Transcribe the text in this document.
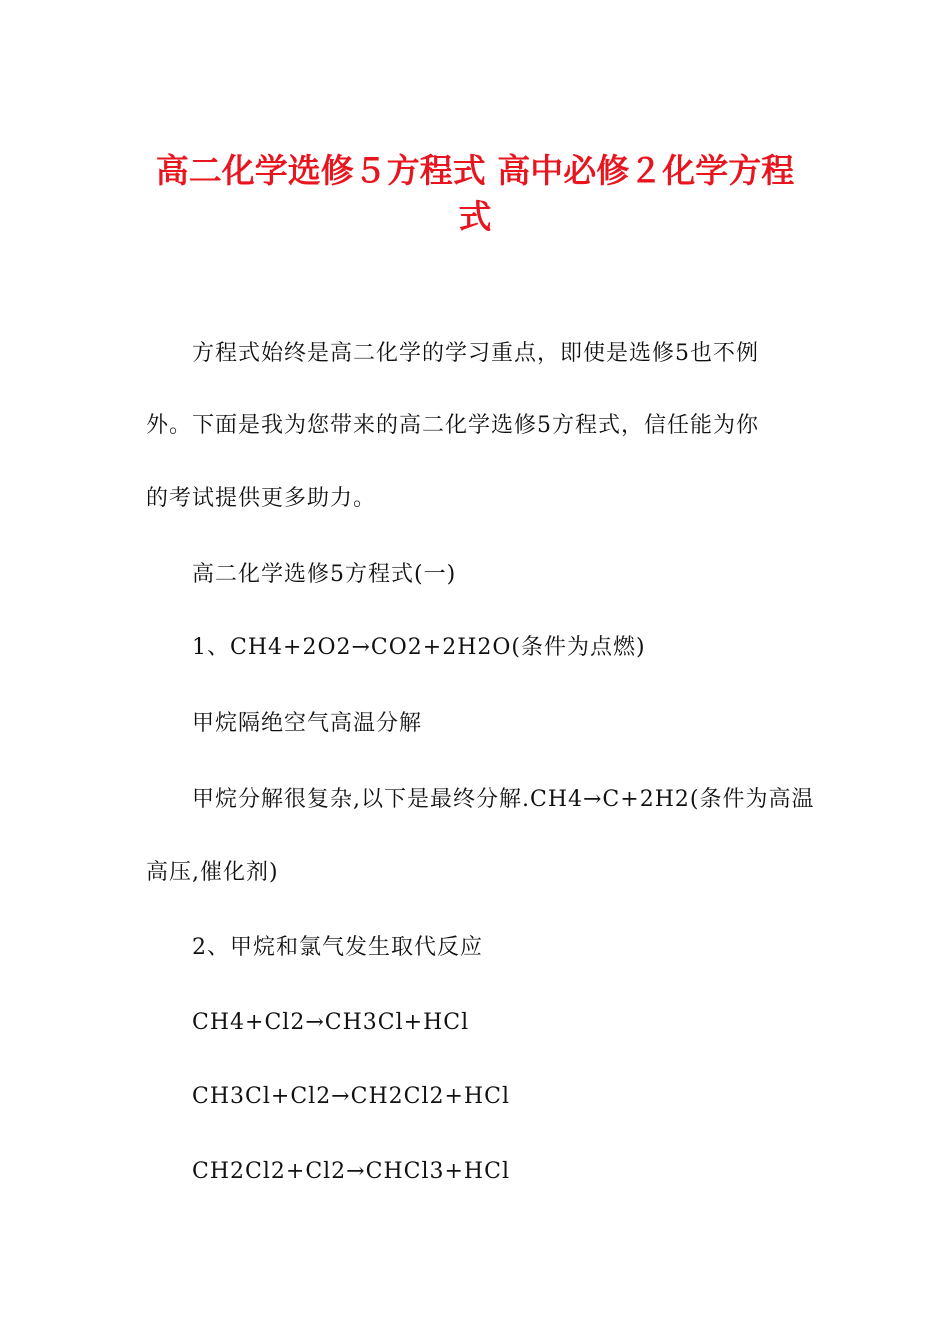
高二化学选修５方程式 高中必修２化学方程
式

方程式始终是高二化学的学习重点，即使是选修5也不例

外。下面是我为您带来的高二化学选修5方程式，信任能为你

的考试提供更多助力。

高二化学选修5方程式(一)

1、CH4+2O2→CO2+2H2O(条件为点燃)

甲烷隔绝空气高温分解

甲烷分解很复杂,以下是最终分解.CH4→C+2H2(条件为高温

高压,催化剂)

2、甲烷和氯气发生取代反应

CH4+Cl2→CH3Cl+HCl

CH3Cl+Cl2→CH2Cl2+HCl

CH2Cl2+Cl2→CHCl3+HCl
